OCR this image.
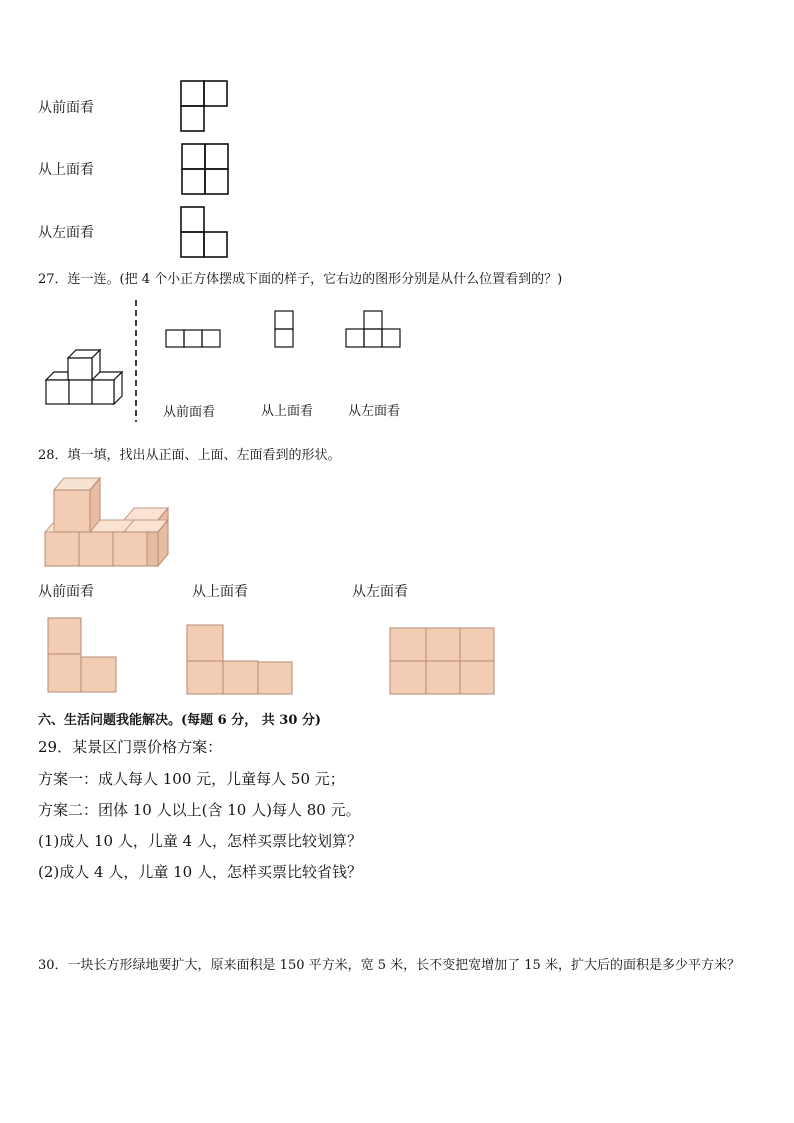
从前面看
从上面看
从左面看
27．连一连。(把 4 个小正方体摆成下面的样子，它右边的图形分别是从什么位置看到的？)
从前面看	从上面看	从左面看
28．填一填，找出从正面、上面、左面看到的形状。
从前面看	从上面看	从左面看
六、生活问题我能解决。(每题 6 分， 共 30 分)
29．某景区门票价格方案：
方案一：成人每人 100 元，儿童每人 50 元；
方案二：团体 10 人以上(含 10 人)每人 80 元。
(1)成人 10 人，儿童 4 人，怎样买票比较划算？
(2)成人 4 人，儿童 10 人，怎样买票比较省钱？
30．一块长方形绿地要扩大，原来面积是 150 平方米，宽 5 米，长不变把宽增加了 15 米，扩大后的面积是多少平方米？
